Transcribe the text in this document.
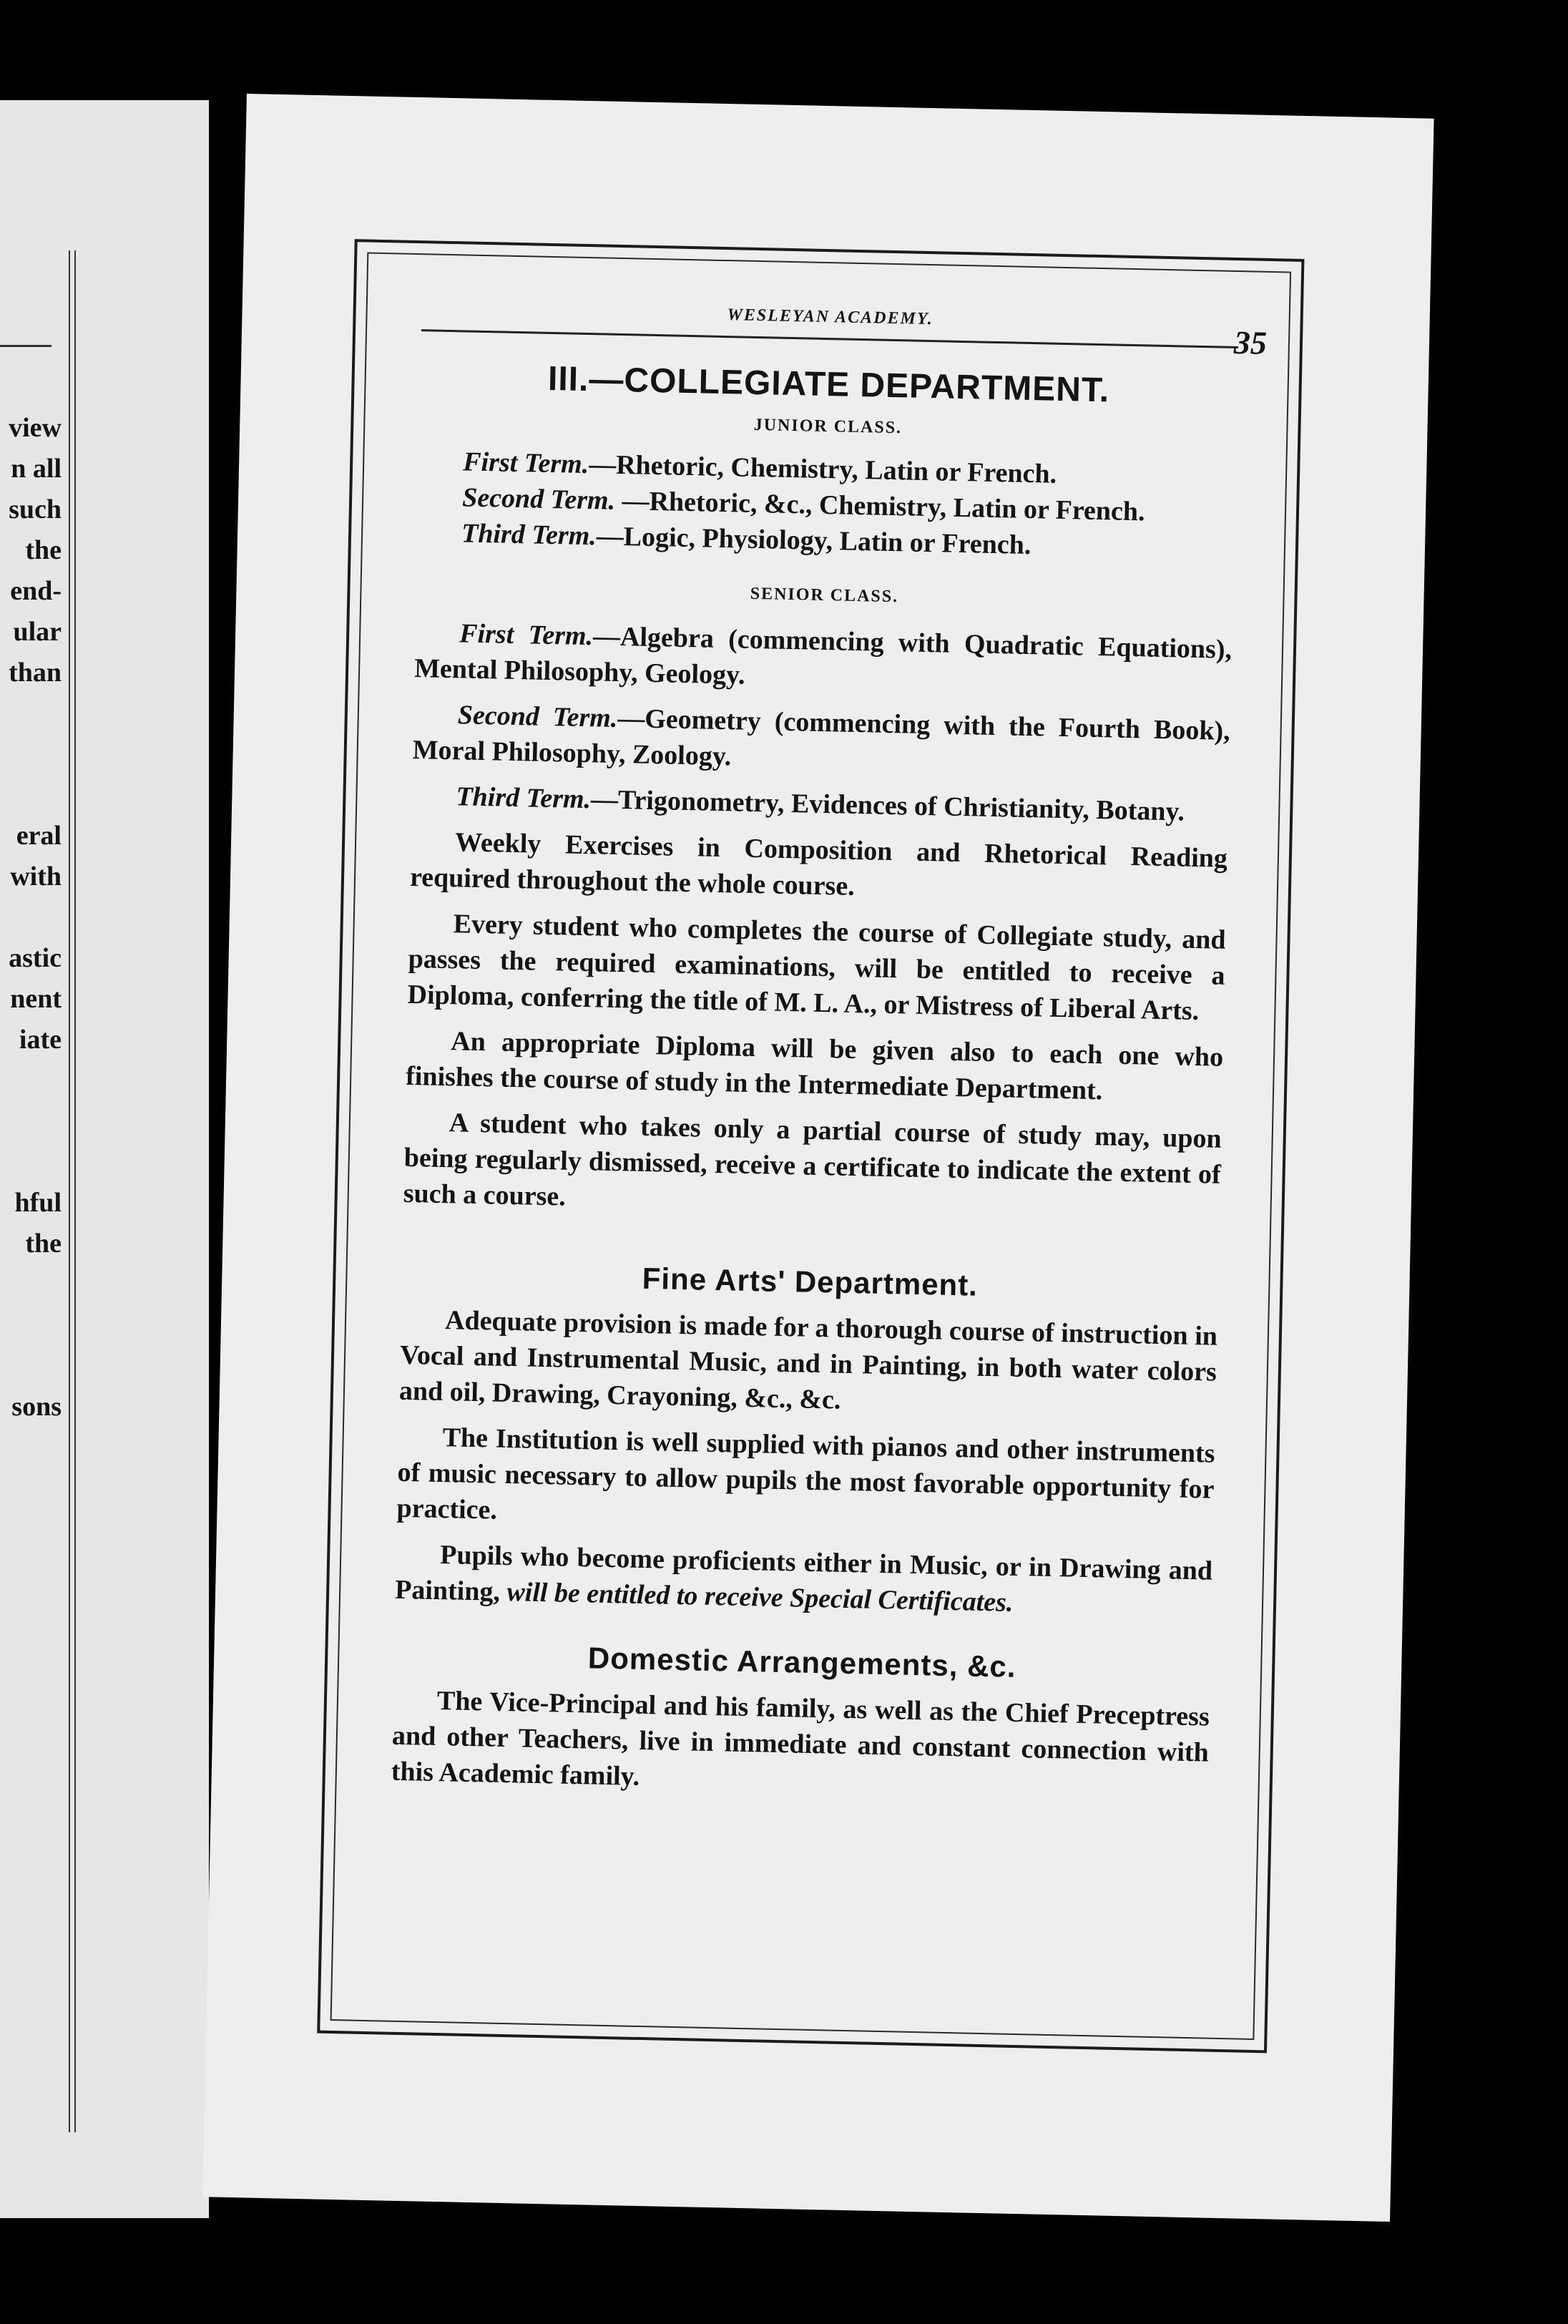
view
n all
such
the
end-
ular
than
eral
with
astic
nent
iate
hful
the
sons
WESLEYAN ACADEMY.
35
III.—COLLEGIATE DEPARTMENT.
JUNIOR CLASS.

First Term.—Rhetoric, Chemistry, Latin or French.

Second Term. —Rhetoric, &c., Chemistry, Latin or French.

Third Term.—Logic, Physiology, Latin or French.

SENIOR CLASS.

First Term.—Algebra (commencing with Quadratic Equations), Mental Philosophy, Geology.

Second Term.—Geometry (commencing with the Fourth Book), Moral Philosophy, Zoology.

Third Term.—Trigonometry, Evidences of Christianity, Botany.

Weekly Exercises in Composition and Rhetorical Reading required throughout the whole course.

Every student who completes the course of Collegiate study, and passes the required examinations, will be entitled to receive a Diploma, conferring the title of M. L. A., or Mistress of Liberal Arts.

An appropriate Diploma will be given also to each one who finishes the course of study in the Intermediate Department.

A student who takes only a partial course of study may, upon being regularly dismissed, receive a certificate to indicate the extent of such a course.

Fine Arts' Department.

Adequate provision is made for a thorough course of instruction in Vocal and Instrumental Music, and in Painting, in both water colors and oil, Drawing, Crayoning, &c., &c.

The Institution is well supplied with pianos and other instruments of music necessary to allow pupils the most favorable opportunity for practice.

Pupils who become proficients either in Music, or in Drawing and Painting, will be entitled to receive Special Certificates.

Domestic Arrangements, &c.

The Vice-Principal and his family, as well as the Chief Preceptress and other Teachers, live in immediate and constant connection with this Academic family.
